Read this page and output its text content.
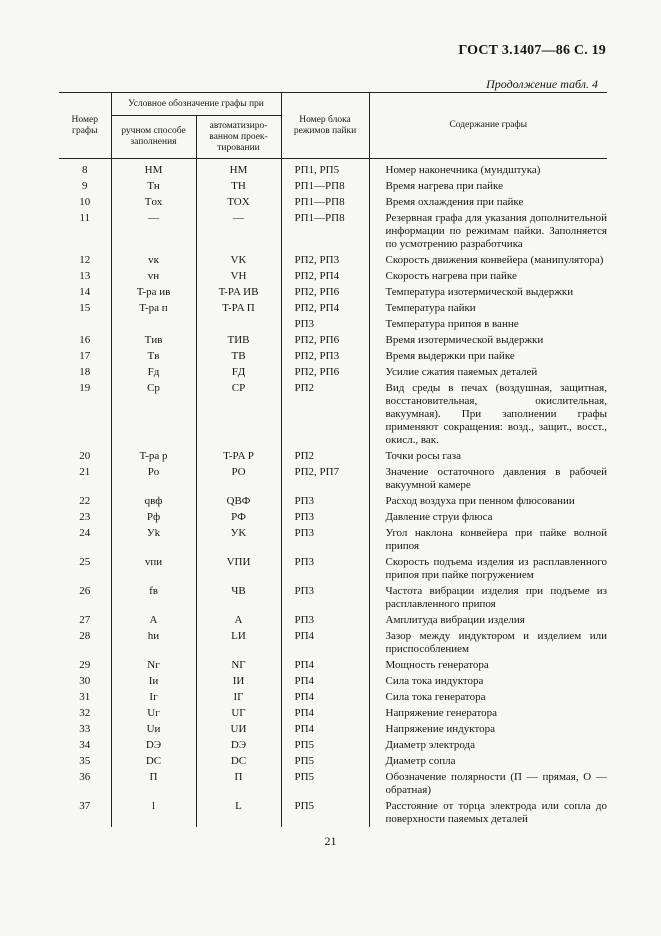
ГОСТ 3.1407—86 С. 19
Продолжение табл. 4
Номер графы	Условное обозначение графы при		Номер блока режимов пайки	Содержание графы
	ручном способе заполнения	автоматизиро- ванном проек- тировании		
8	HM	HM	РП1, РП5	Номер наконечника (мундштука)
9	Tн	TH	РП1—РП8	Время нагрева при пайке
10	Tох	TOX	РП1—РП8	Время охлаждения при пайке
11	—	—	РП1—РП8	Резервная графа для указания дополнительной информации по режимам пайки. Заполняется по усмотрению разработчика
12	vк	VK	РП2, РП3	Скорость движения конвейера (манипулятора)
13	vн	VH	РП2, РП4	Скорость нагрева при пайке
14	T-ра ив	T-PA ИВ	РП2, РП6	Температура изотермической выдержки
15	T-ра п	T-PA П	РП2, РП4	Температура пайки
			РП3	Температура припоя в ванне
16	Tив	TИВ	РП2, РП6	Время изотермической выдержки
17	Tв	TB	РП2, РП3	Время выдержки при пайке
18	Fд	FД	РП2, РП6	Усилие сжатия паяемых деталей
19	Cp	CP	РП2	Вид среды в печах (воздушная, защитная, восстановительная, окислительная, вакуумная). При заполнении графы применяют сокращения: возд., защит., восст., окисл., вак.
20	T-ра р	T-PA P	РП2	Точки росы газа
21	Pо	PO	РП2, РП7	Значение остаточного давления в рабочей вакуумной камере
22	qвф	QВФ	РП3	Расход воздуха при пенном флюсовании
23	Pф	PФ	РП3	Давление струи флюса
24	Уk	УK	РП3	Угол наклона конвейера при пайке волной припоя
25	vпи	VПИ	РП3	Скорость подъема изделия из расплавленного припоя при пайке погружением
26	fв	ЧВ	РП3	Частота вибрации изделия при подъеме из расплавленного припоя
27	A	A	РП3	Амплитуда вибрации изделия
28	hи	LИ	РП4	Зазор между индуктором и изделием или приспособлением
29	Nг	NГ	РП4	Мощность генератора
30	Iи	IИ	РП4	Сила тока индуктора
31	Iг	IГ	РП4	Сила тока генератора
32	Uг	UГ	РП4	Напряжение генератора
33	Uи	UИ	РП4	Напряжение индуктора
34	DЭ	DЭ	РП5	Диаметр электрода
35	DC	DC	РП5	Диаметр сопла
36	П	П	РП5	Обозначение полярности (П — прямая, О — обратная)
37	l	L	РП5	Расстояние от торца электрода или сопла до поверхности паяемых деталей
21
